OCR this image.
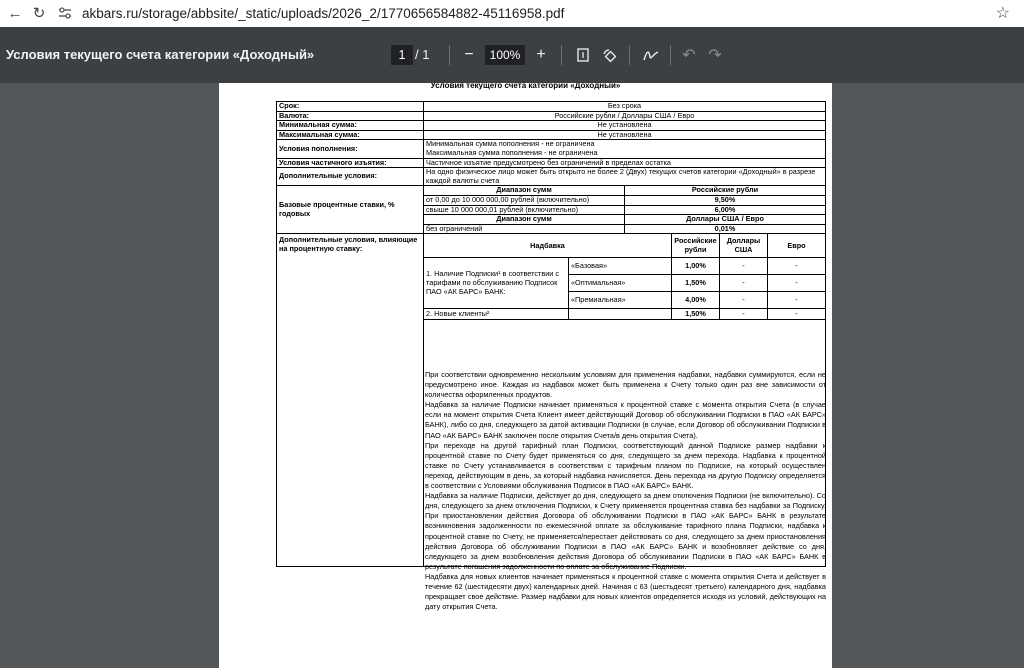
← ↻	akbars.ru/storage/abbsite/_static/uploads/2026_2/1770656584882-45116958.pdf	☆
Условия текущего счета категории «Доходный»	1 / 1 −	100% +	↶ ↷
Условия текущего счета категории «Доходный»
Срок:	Без срока
Валюта:	Российские рубли / Доллары США / Евро
Минимальная сумма:	Не установлена
Максимальная сумма:	Не установлена
Условия пополнения:	Минимальная сумма пополнения - не ограничена
Максимальная сумма пополнения - не ограничена

Условия частичного изъятия:	Частичное изъятие предусмотрено без ограничений в пределах остатка
Дополнительные условия:	На одно физическое лицо может быть открыто не более 2 (Двух) текущих счетов категории «Доходный» в разрезе каждой валюты счета
Базовые процентные ставки, % годовых	
Диапазон сумм	Российские рубли
от 0,00 до 10 000 000,00 рублей (включительно)	9,50%
свыше 10 000 000,01 рублей (включительно)	6,00%
Диапазон сумм	Доллары США / Евро
без ограничений	0,01%

Дополнительные условия, влияющие на процентную ставку:		Надбавка	Российские рубли	Доллары США	Евро
1. Наличие Подписки¹ в соответствии с тарифами по обслуживанию Подписок ПАО «АК БАРС» БАНК:	«Базовая»	1,00%	-	-
«Оптимальная»	1,50%	-	-
«Премиальная»	4,00%	-	-
2. Новые клиенты²		1,50%	-	-

При соответствии одновременно нескольким условиям для применения надбавки, надбавки суммируются, если не предусмотрено иное. Каждая из надбавок может быть применена к Счету только один раз вне зависимости от количества оформленных продуктов.

Надбавка за наличие Подписки начинает применяться к процентной ставке с момента открытия Счета (в случае если на момент открытия Счета Клиент имеет действующий Договор об обслуживании Подписки в ПАО «АК БАРС» БАНК), либо со дня, следующего за датой активации Подписки (в случае, если Договор об обслуживании Подписки в ПАО «АК БАРС» БАНК заключен после открытия Счета/в день открытия Счета).

При переходе на другой тарифный план Подписки, соответствующий данной Подписке размер надбавки к процентной ставке по Счету будет применяться со дня, следующего за днем перехода. Надбавка к процентной ставке по Счету устанавливается в соответствии с тарифным планом по Подписке, на который осуществлен переход, действующим в день, за который надбавка начисляется. День перехода на другую Подписку определяется в соответствии с Условиями обслуживания Подписок в ПАО «АК БАРС» БАНК.

Надбавка за наличие Подписки, действует до дня, следующего за днем отключения Подписки (не включительно). Со дня, следующего за днем отключения Подписки, к Счету применяется процентная ставка без надбавки за Подписку. При приостановлении действия Договора об обслуживании Подписки в ПАО «АК БАРС» БАНК в результате возникновения задолженности по ежемесячной оплате за обслуживание тарифного плана Подписки, надбавка к процентной ставке по Счету, не применяется/перестает действовать со дня, следующего за днем приостановления действия Договора об обслуживании Подписки в ПАО «АК БАРС» БАНК и возобновляет действие со дня, следующего за днем возобновления действия Договора об обслуживании Подписки в ПАО «АК БАРС» БАНК в результате погашения задолженности по оплате за обслуживание Подписки.

Надбавка для новых клиентов начинает применяться к процентной ставке с момента открытия Счета и действует в течение 62 (шестидесяти двух) календарных дней. Начиная с 63 (шестьдесят третьего) календарного дня, надбавка прекращает свое действие. Размер надбавки для новых клиентов определяется исходя из условий, действующих на дату открытия Счета.
